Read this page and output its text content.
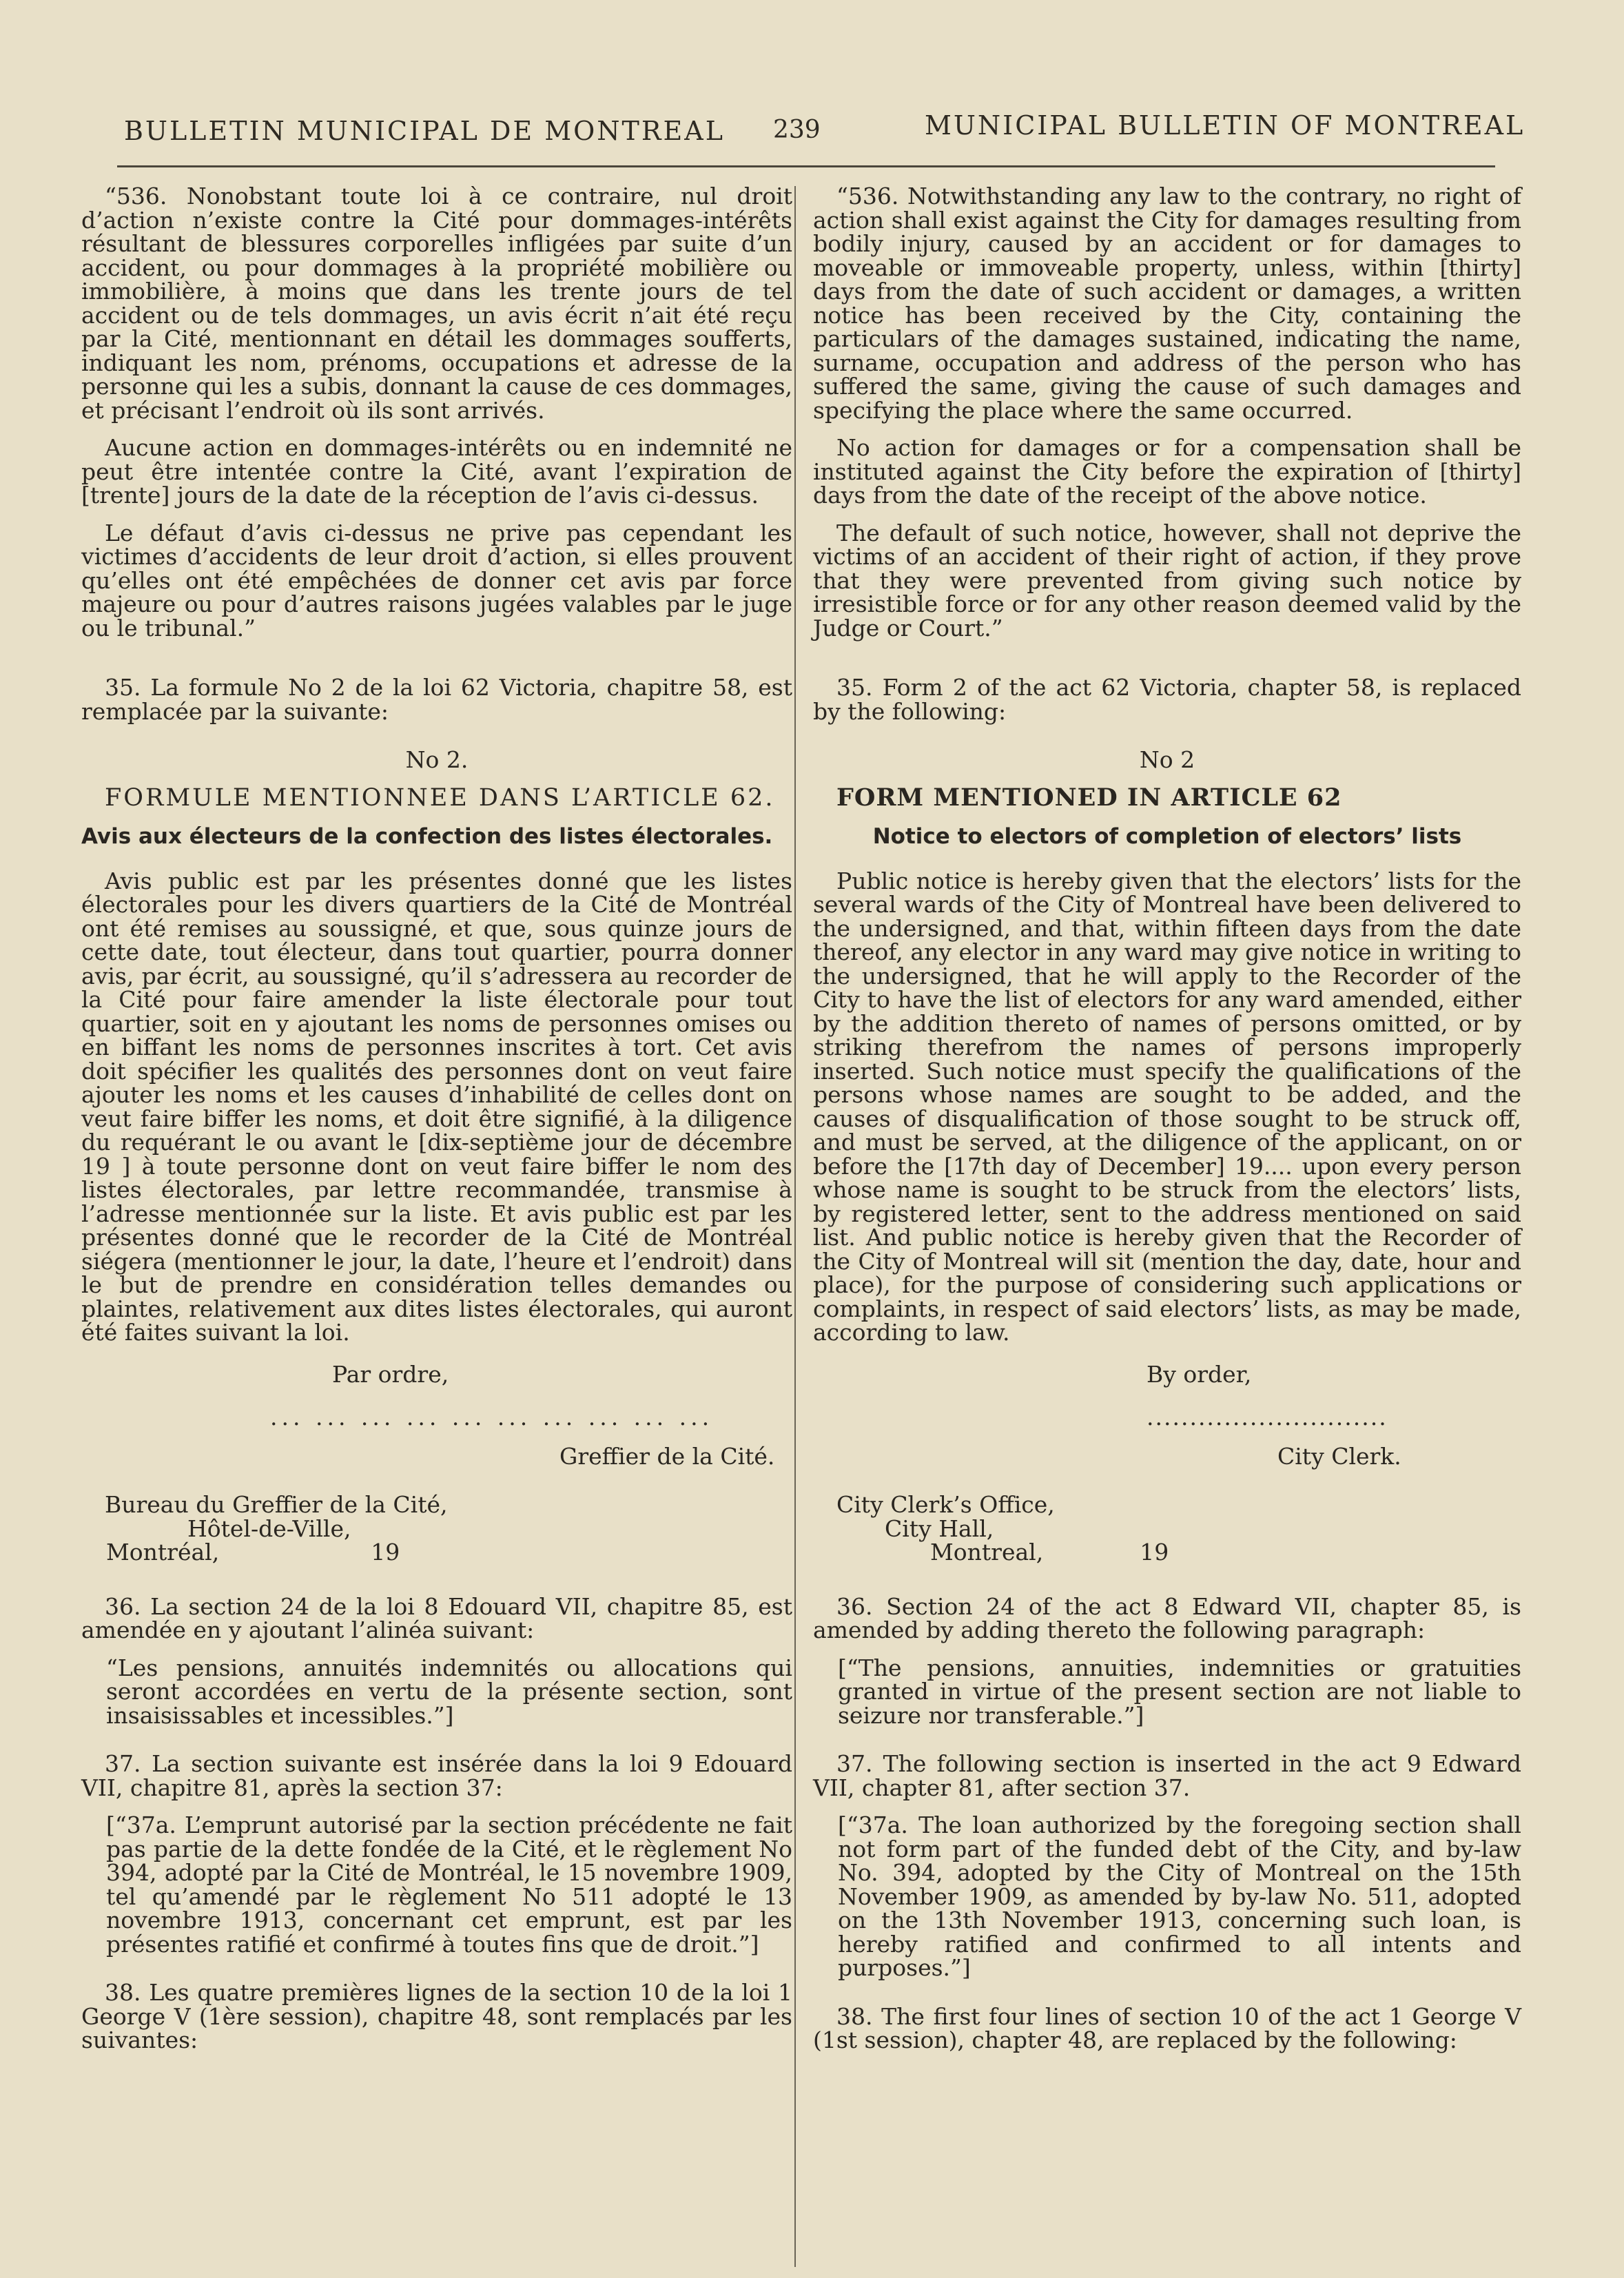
BULLETIN MUNICIPAL DE MONTREAL 239	MUNICIPAL BULLETIN OF MONTREAL

“536. Nonobstant toute loi à ce contraire, nul droit d’action n’existe contre la Cité pour dommages-intérêts résultant de blessures corporelles infligées par suite d’un accident, ou pour dommages à la propriété mobilière ou immobilière, à moins que dans les trente jours de tel accident ou de tels dommages, un avis écrit n’ait été reçu par la Cité, mentionnant en détail les dommages soufferts, indiquant les nom, prénoms, occupations et adresse de la personne qui les a subis, donnant la cause de ces dommages, et précisant l’endroit où ils sont arrivés.

Aucune action en dommages-intérêts ou en indemnité ne peut être intentée contre la Cité, avant l’expiration de [trente] jours de la date de la réception de l’avis ci-dessus.

Le défaut d’avis ci-dessus ne prive pas cependant les victimes d’accidents de leur droit d’action, si elles prouvent qu’elles ont été empêchées de donner cet avis par force majeure ou pour d’autres raisons jugées valables par le juge ou le tribunal.”

35. La formule No 2 de la loi 62 Victoria, chapitre 58, est remplacée par la suivante:

No 2.

FORMULE MENTIONNEE DANS L’ARTICLE 62.

Avis aux électeurs de la confection des listes électorales.

Avis public est par les présentes donné que les listes électorales pour les divers quartiers de la Cité de Montréal ont été remises au soussigné, et que, sous quinze jours de cette date, tout électeur, dans tout quartier, pourra donner avis, par écrit, au soussigné, qu’il s’adressera au recorder de la Cité pour faire amender la liste électorale pour tout quartier, soit en y ajoutant les noms de personnes omises ou en biffant les noms de personnes inscrites à tort. Cet avis doit spécifier les qualités des personnes dont on veut faire ajouter les noms et les causes d’inhabilité de celles dont on veut faire biffer les noms, et doit être signifié, à la diligence du requérant le ou avant le [dix-septième jour de décembre 19 ] à toute personne dont on veut faire biffer le nom des listes électorales, par lettre recommandée, transmise à l’adresse mentionnée sur la liste. Et avis public est par les présentes donné que le recorder de la Cité de Montréal siégera (mentionner le jour, la date, l’heure et l’endroit) dans le but de prendre en considération telles demandes ou plaintes, relativement aux dites listes électorales, qui auront été faites suivant la loi.

Par ordre,

... ... ... ... ... ... ... ... ... ...

Greffier de la Cité.

Bureau du Greffier de la Cité,

Hôtel-de-Ville,

Montréal,	19

36. La section 24 de la loi 8 Edouard VII, chapitre 85, est amendée en y ajoutant l’alinéa suivant:

“Les pensions, annuités indemnités ou allocations qui seront accordées en vertu de la présente section, sont insaisissables et incessibles.”]

37. La section suivante est insérée dans la loi 9 Edouard VII, chapitre 81, après la section 37:

[“37a. L’emprunt autorisé par la section précédente ne fait pas partie de la dette fondée de la Cité, et le règlement No 394, adopté par la Cité de Montréal, le 15 novembre 1909, tel qu’amendé par le règlement No 511 adopté le 13 novembre 1913, concernant cet emprunt, est par les présentes ratifié et confirmé à toutes fins que de droit.”]

38. Les quatre premières lignes de la section 10 de la loi 1 George V (1ère session), chapitre 48, sont remplacés par les suivantes:

“536. Notwithstanding any law to the contrary, no right of action shall exist against the City for damages resulting from bodily injury, caused by an accident or for damages to moveable or immoveable property, unless, within [thirty] days from the date of such accident or damages, a written notice has been received by the City, containing the particulars of the damages sustained, indicating the name, surname, occupation and address of the person who has suffered the same, giving the cause of such damages and specifying the place where the same occurred.

No action for damages or for a compensation shall be instituted against the City before the expiration of [thirty] days from the date of the receipt of the above notice.

The default of such notice, however, shall not deprive the victims of an accident of their right of action, if they prove that they were prevented from giving such notice by irresistible force or for any other reason deemed valid by the Judge or Court.”

35. Form 2 of the act 62 Victoria, chapter 58, is replaced by the following:

No 2

FORM MENTIONED IN ARTICLE 62

Notice to electors of completion of electors’ lists

Public notice is hereby given that the electors’ lists for the several wards of the City of Montreal have been delivered to the undersigned, and that, within fifteen days from the date thereof, any elector in any ward may give notice in writing to the undersigned, that he will apply to the Recorder of the City to have the list of electors for any ward amended, either by the addition thereto of names of persons omitted, or by striking therefrom the names of persons improperly inserted. Such notice must specify the qualifications of the persons whose names are sought to be added, and the causes of disqualification of those sought to be struck off, and must be served, at the diligence of the applicant, on or before the [17th day of December] 19.... upon every person whose name is sought to be struck from the electors’ lists, by registered letter, sent to the address mentioned on said list. And public notice is hereby given that the Recorder of the City of Montreal will sit (mention the day, date, hour and place), for the purpose of considering such applications or complaints, in respect of said electors’ lists, as may be made, according to law.

By order,

............................

City Clerk.

City Clerk’s Office,

City Hall,

Montreal,	19

36. Section 24 of the act 8 Edward VII, chapter 85, is amended by adding thereto the following paragraph:

[“The pensions, annuities, indemnities or gratuities granted in virtue of the present section are not liable to seizure nor transferable.”]

37. The following section is inserted in the act 9 Edward VII, chapter 81, after section 37.

[“37a. The loan authorized by the foregoing section shall not form part of the funded debt of the City, and by-law No. 394, adopted by the City of Montreal on the 15th November 1909, as amended by by-law No. 511, adopted on the 13th November 1913, concerning such loan, is hereby ratified and confirmed to all intents and purposes.”]

38. The first four lines of section 10 of the act 1 George V (1st session), chapter 48, are replaced by the following:
